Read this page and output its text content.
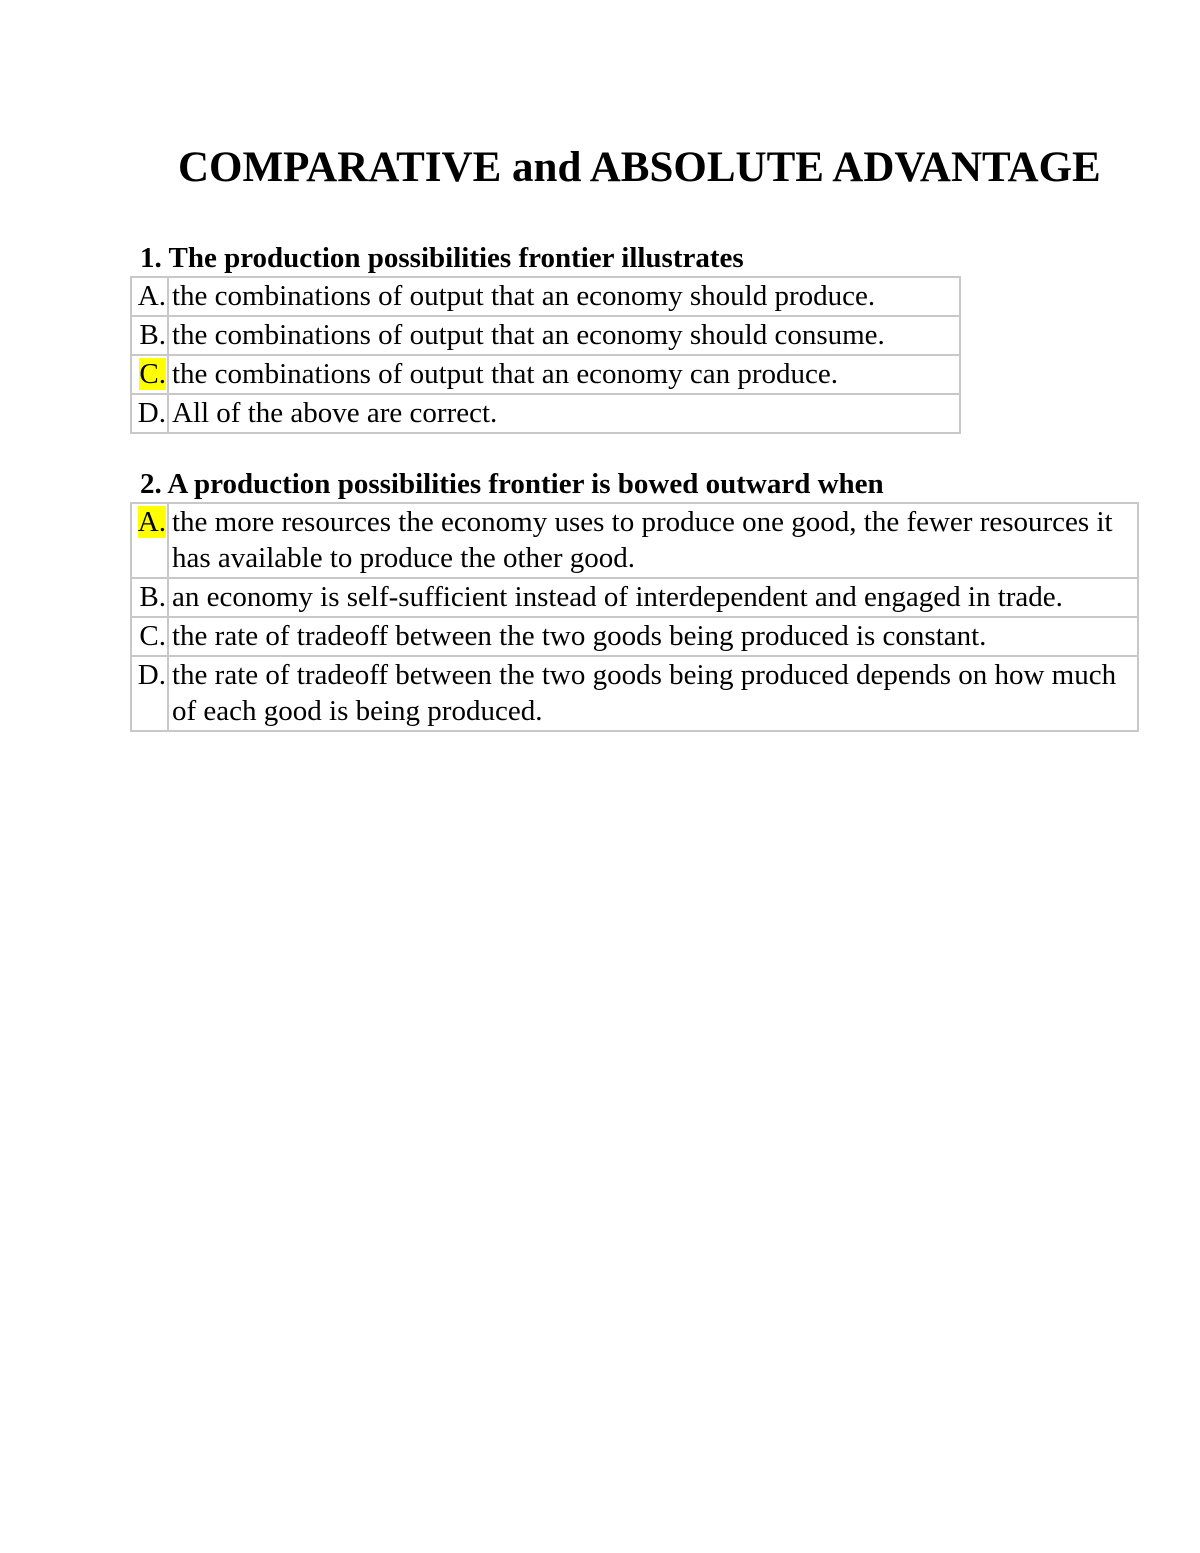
COMPARATIVE and ABSOLUTE ADVANTAGE
1. The production possibilities frontier illustrates
A.	the combinations of output that an economy should produce.
B.	the combinations of output that an economy should consume.
C.	the combinations of output that an economy can produce.
D.	All of the above are correct.
2. A production possibilities frontier is bowed outward when
A.	the more resources the economy uses to produce one good, the fewer resources it has available to produce the other good.
B.	an economy is self-sufficient instead of interdependent and engaged in trade.
C.	the rate of tradeoff between the two goods being produced is constant.
D.	the rate of tradeoff between the two goods being produced depends on how much of each good is being produced.
